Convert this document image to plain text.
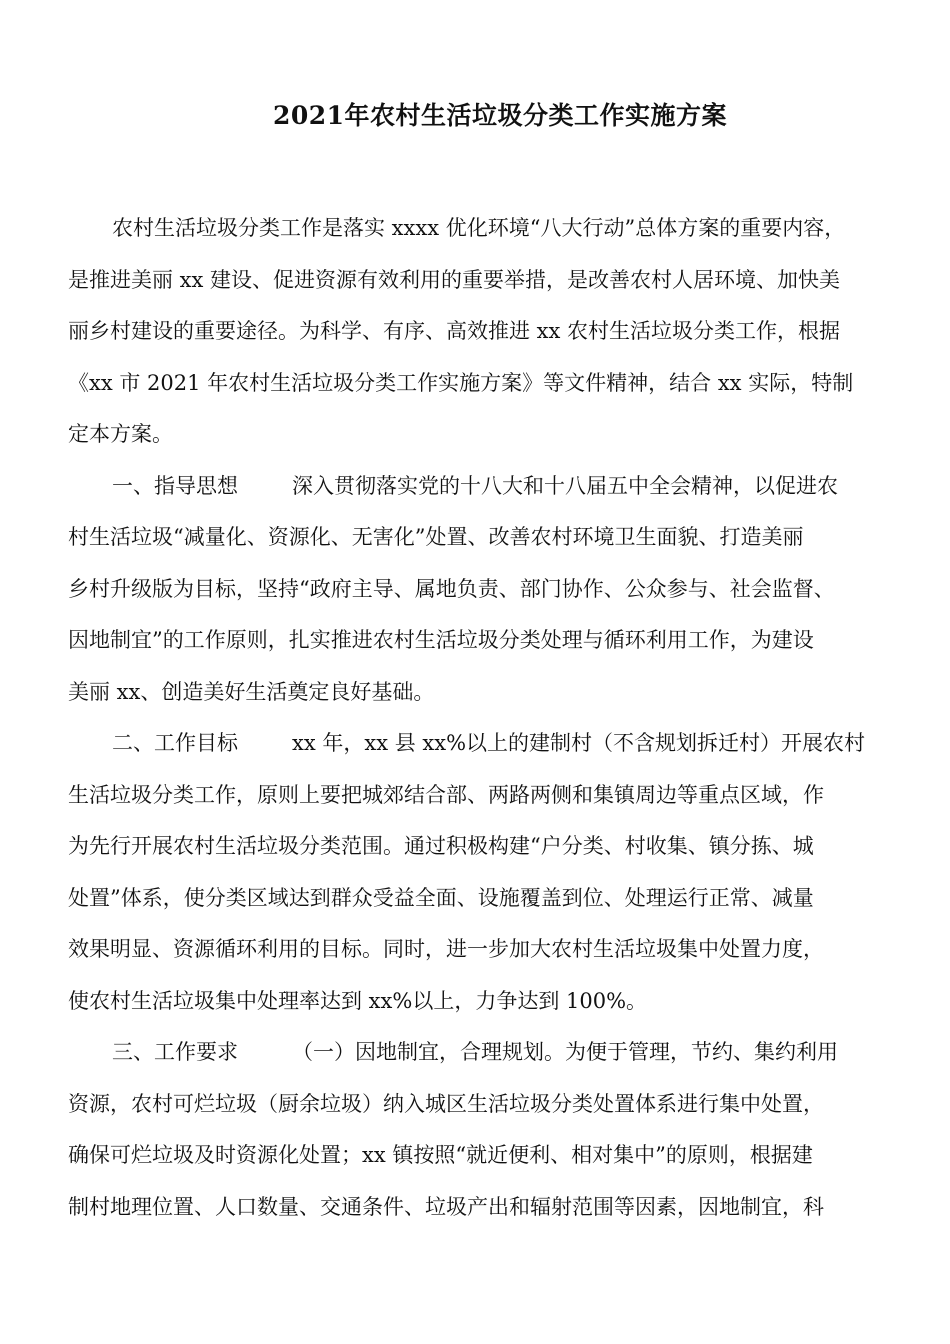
2021年农村生活垃圾分类工作实施方案
农村生活垃圾分类工作是落实 xxxx 优化环境“八大行动”总体方案的重要内容，
是推进美丽 xx 建设、促进资源有效利用的重要举措，是改善农村人居环境、加快美
丽乡村建设的重要途径。为科学、有序、高效推进 xx 农村生活垃圾分类工作，根据
《xx 市 2021 年农村生活垃圾分类工作实施方案》等文件精神，结合 xx 实际，特制
定本方案。
一、指导思想	深入贯彻落实党的十八大和十八届五中全会精神，以促进农
村生活垃圾“减量化、资源化、无害化”处置、改善农村环境卫生面貌、打造美丽
乡村升级版为目标，坚持“政府主导、属地负责、部门协作、公众参与、社会监督、
因地制宜”的工作原则，扎实推进农村生活垃圾分类处理与循环利用工作，为建设
美丽 xx、创造美好生活奠定良好基础。
二、工作目标	xx 年，xx 县 xx%以上的建制村（不含规划拆迁村）开展农村
生活垃圾分类工作，原则上要把城郊结合部、两路两侧和集镇周边等重点区域，作
为先行开展农村生活垃圾分类范围。通过积极构建“户分类、村收集、镇分拣、城
处置”体系，使分类区域达到群众受益全面、设施覆盖到位、处理运行正常、减量
效果明显、资源循环利用的目标。同时，进一步加大农村生活垃圾集中处置力度，
使农村生活垃圾集中处理率达到 xx%以上，力争达到 100%。
三、工作要求	（一）因地制宜，合理规划。为便于管理，节约、集约利用
资源，农村可烂垃圾（厨余垃圾）纳入城区生活垃圾分类处置体系进行集中处置，
确保可烂垃圾及时资源化处置；xx 镇按照“就近便利、相对集中”的原则，根据建
制村地理位置、人口数量、交通条件、垃圾产出和辐射范围等因素，因地制宜，科
